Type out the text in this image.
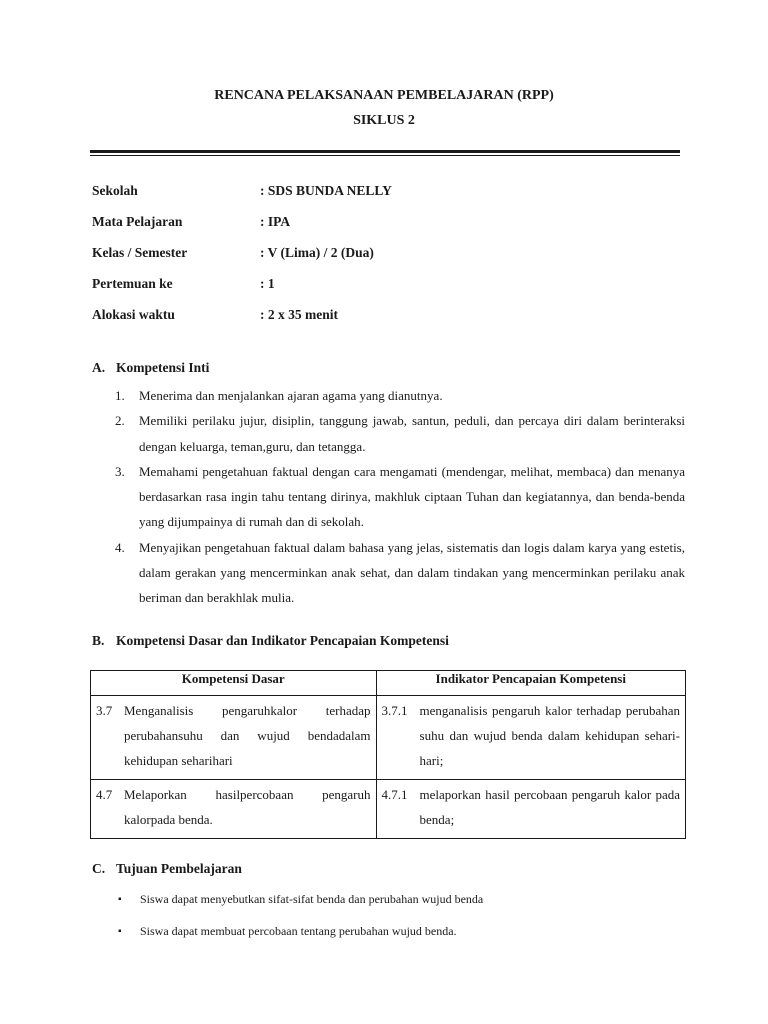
RENCANA PELAKSANAAN PEMBELAJARAN (RPP)
SIKLUS 2
Sekolah	: SDS BUNDA NELLY
Mata Pelajaran	: IPA
Kelas / Semester	: V (Lima) / 2 (Dua)
Pertemuan ke	: 1
Alokasi waktu	: 2 x 35 menit
A. Kompetensi Inti
1.	Menerima dan menjalankan ajaran agama yang dianutnya.
2.	Memiliki perilaku jujur, disiplin, tanggung jawab, santun, peduli, dan percaya diri dalam berinteraksi dengan keluarga, teman,guru, dan tetangga.
3.	Memahami pengetahuan faktual dengan cara mengamati (mendengar, melihat, membaca) dan menanya berdasarkan rasa ingin tahu tentang dirinya, makhluk ciptaan Tuhan dan kegiatannya, dan benda-benda yang dijumpainya di rumah dan di sekolah.
4.	Menyajikan pengetahuan faktual dalam bahasa yang jelas, sistematis dan logis dalam karya yang estetis, dalam gerakan yang mencerminkan anak sehat, dan dalam tindakan yang mencerminkan perilaku anak beriman dan berakhlak mulia.
B. Kompetensi Dasar dan Indikator Pencapaian Kompetensi
Kompetensi Dasar	Indikator Pencapaian Kompetensi

3.7 Menganalisis pengaruhkalor terhadap perubahansuhu dan wujud bendadalam kehidupan seharihari	3.7.1 menganalisis pengaruh kalor terhadap perubahan suhu dan wujud benda dalam kehidupan sehari-hari;

4.7 Melaporkan hasilpercobaan pengaruh kalorpada benda.	4.7.1 melaporkan hasil percobaan pengaruh kalor pada benda;
C. Tujuan Pembelajaran
▪	Siswa dapat menyebutkan sifat-sifat benda dan perubahan wujud benda
▪	Siswa dapat membuat percobaan tentang perubahan wujud benda.
